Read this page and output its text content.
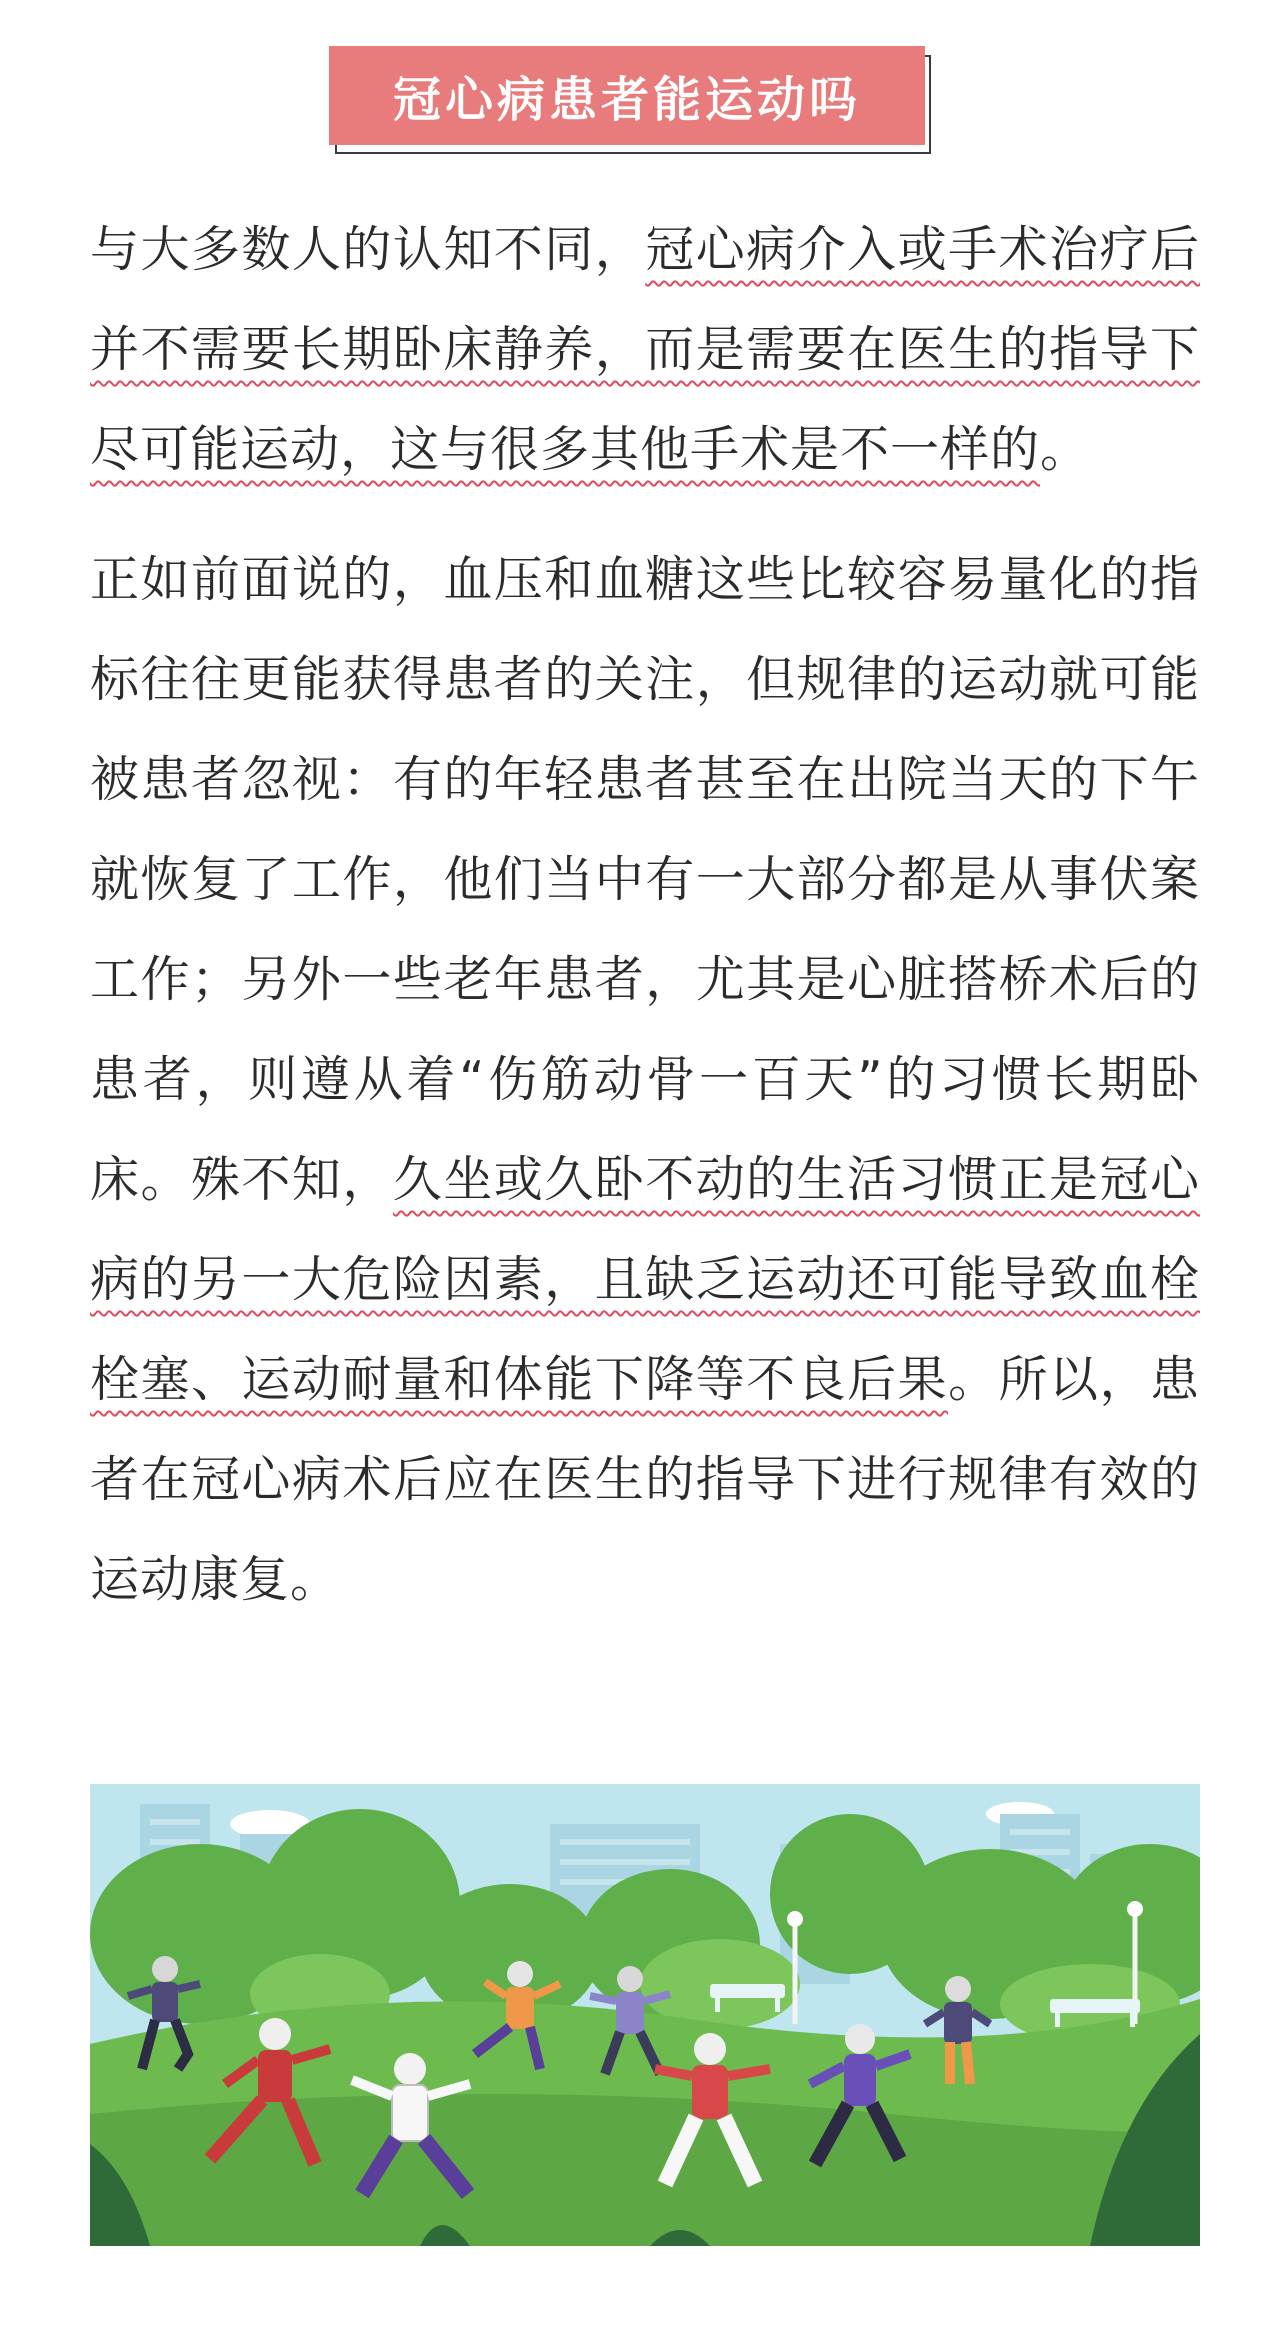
冠心病患者能运动吗

与大多数人的认知不同，冠心病介入或手术治疗后并不需要长期卧床静养，而是需要在医生的指导下尽可能运动，这与很多其他手术是不一样的。

正如前面说的，血压和血糖这些比较容易量化的指标往往更能获得患者的关注，但规律的运动就可能被患者忽视：有的年轻患者甚至在出院当天的下午就恢复了工作，他们当中有一大部分都是从事伏案工作；另外一些老年患者，尤其是心脏搭桥术后的患者，则遵从着“伤筋动骨一百天”的习惯长期卧床。殊不知，久坐或久卧不动的生活习惯正是冠心病的另一大危险因素，且缺乏运动还可能导致血栓栓塞、运动耐量和体能下降等不良后果。所以，患者在冠心病术后应在医生的指导下进行规律有效的运动康复。
